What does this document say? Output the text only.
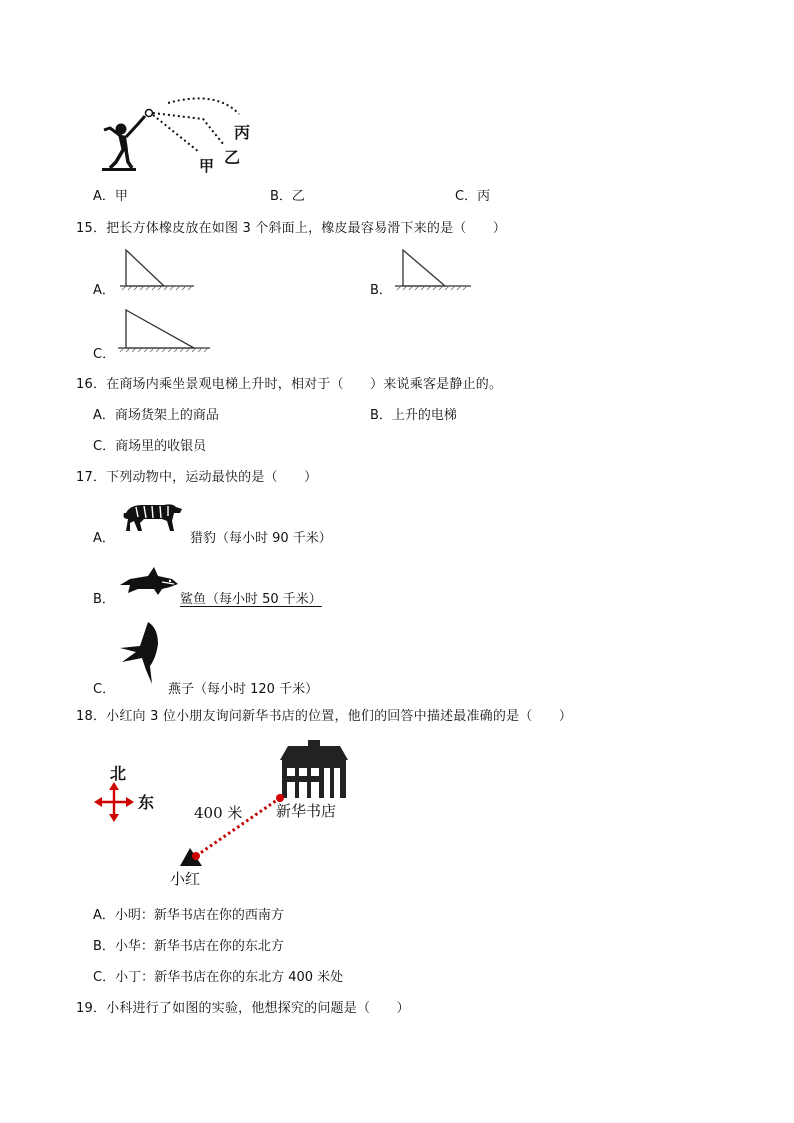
甲 乙
丙
A．甲	B．乙	C．丙
15．把长方体橡皮放在如图 3 个斜面上，橡皮最容易滑下来的是（　　）
A．	B．
C．
16．在商场内乘坐景观电梯上升时，相对于（　　）来说乘客是静止的。
A．商场货架上的商品	B．上升的电梯
C．商场里的收银员
17．下列动物中，运动最快的是（　　）
A．	猎豹（每小时 90 千米）
B．	鲨鱼（每小时 50 千米）
C．	燕子（每小时 120 千米）
18．小红向 3 位小朋友询问新华书店的位置，他们的回答中描述最准确的是（　　）
北
东	新华书店
400 米
小红
A．小明：新华书店在你的西南方
B．小华：新华书店在你的东北方
C．小丁：新华书店在你的东北方 400 米处
19．小科进行了如图的实验，他想探究的问题是（　　）
